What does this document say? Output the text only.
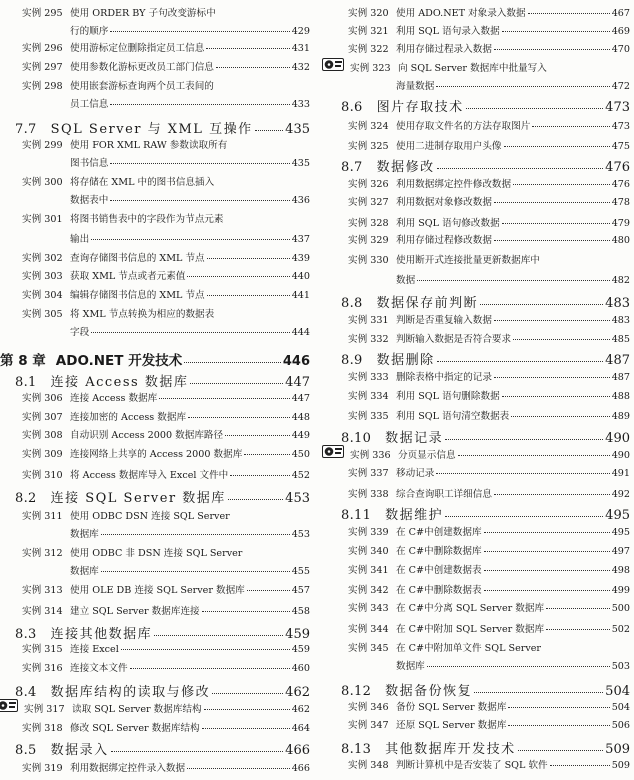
实例 295 使用 ORDER BY 子句改变游标中
行的顺序	429
实例 296 使用游标定位删除指定员工信息	431
实例 297 使用参数化游标更改员工部门信息	432
实例 298 使用嵌套游标查询两个员工表间的
员工信息	433
7.7 SQL Server 与 XML 互操作	435
实例 299 使用 FOR XML RAW 参数读取所有
图书信息	435
实例 300 将存储在 XML 中的图书信息插入
数据表中	436
实例 301 将图书销售表中的字段作为节点元素
输出	437
实例 302 查询存储图书信息的 XML 节点	439
实例 303 获取 XML 节点或者元素值	440
实例 304 编辑存储图书信息的 XML 节点	441
实例 305 将 XML 节点转换为相应的数据表
字段	444
第 8 章 ADO.NET 开发技术	446
8.1 连接 Access 数据库	447
实例 306 连接 Access 数据库	447
实例 307 连接加密的 Access 数据库	448
实例 308 自动识别 Access 2000 数据库路径	449
实例 309 连接网络上共享的 Access 2000 数据库	450
实例 310 将 Access 数据库导入 Excel 文件中	452
8.2 连接 SQL Server 数据库	453
实例 311 使用 ODBC DSN 连接 SQL Server
数据库	453
实例 312 使用 ODBC 非 DSN 连接 SQL Server
数据库	455
实例 313 使用 OLE DB 连接 SQL Server 数据库	457
实例 314 建立 SQL Server 数据库连接	458
8.3 连接其他数据库	459
实例 315 连接 Excel	459
实例 316 连接文本文件	460
8.4 数据库结构的读取与修改	462
实例 317 读取 SQL Server 数据库结构	462
实例 318 修改 SQL Server 数据库结构	464
8.5 数据录入	466
实例 319 利用数据绑定控件录入数据	466
实例 320 使用 ADO.NET 对象录入数据	467
实例 321 利用 SQL 语句录入数据	469
实例 322 利用存储过程录入数据	470
实例 323 向 SQL Server 数据库中批量写入
海量数据	472
8.6 图片存取技术	473
实例 324 使用存取文件名的方法存取图片	473
实例 325 使用二进制存取用户头像	475
8.7 数据修改	476
实例 326 利用数据绑定控件修改数据	476
实例 327 利用数据对象修改数据	478
实例 328 利用 SQL 语句修改数据	479
实例 329 利用存储过程修改数据	480
实例 330 使用断开式连接批量更新数据库中
数据	482
8.8 数据保存前判断	483
实例 331 判断是否重复输入数据	483
实例 332 判断输入数据是否符合要求	485
8.9 数据删除	487
实例 333 删除表格中指定的记录	487
实例 334 利用 SQL 语句删除数据	488
实例 335 利用 SQL 语句清空数据表	489
8.10 数据记录	490
实例 336 分页显示信息	490
实例 337 移动记录	491
实例 338 综合查询职工详细信息	492
8.11 数据维护	495
实例 339 在 C#中创建数据库	495
实例 340 在 C#中删除数据库	497
实例 341 在 C#中创建数据表	498
实例 342 在 C#中删除数据表	499
实例 343 在 C#中分离 SQL Server 数据库	500
实例 344 在 C#中附加 SQL Server 数据库	502
实例 345 在 C#中附加单文件 SQL Server
数据库	503
8.12 数据备份恢复	504
实例 346 备份 SQL Server 数据库	504
实例 347 还原 SQL Server 数据库	506
8.13 其他数据库开发技术	509
实例 348 判断计算机中是否安装了 SQL 软件	509
